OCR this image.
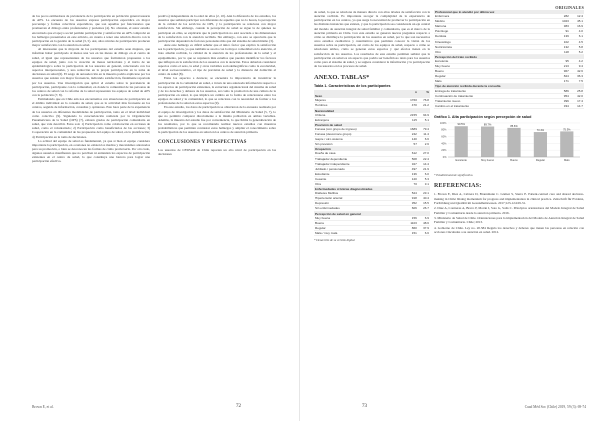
de los pocos estimadores de prevalencia de la participación en población general usuaria de APS. La encuesta de los usuarios expresa participación esporádica en mayor porcentaje y formas colectivas esporádicas, que son aquellas por funcionarios que promueven el diálogo entre profesionales y pacientes (4). No obstante, el autor estudio encontrado que el apoyo social permite participación y satisfacción en APS comprobó en los hallazgos presentados en este artículo, en cuanto a tener una relación directa con la participación en la gestión de la salud (3, 5). Así, altos niveles de participación producen mayor satisfacción con la atención en salud.
Al interesante que la mayoría de los participantes del estudio sean mujeres, que informan haber participado al menos una vez en las mesas de diálogo en el centro de salud, al igual que representantes de los usuarios que formularon propuestas a los equipos de salud, junto con la creación de mesas territoriales y al inicio de un epidemiológico sobre la participación de los usuarios en general, relacionada con los aspectos interpersonales, y una reducción en la propia participación en la toma de decisiones en salud (6). El sesgo de autoselección en la muestra podría explicarse por los usuarios que asisten con mayor frecuencia, indicando satisfacción, finalmente reportada por los usuarios. Una investigación que aplicó el estudio sobre la prevalencia de participación, participante con la comunidad, en donde la comunidad de las personas de los centros de salud con la reforma de la salud representan los equipos de salud de APS con la población (7, 8).
Estimulando que en Chile aún nos encontremos con situaciones de participación en el ámbito individual en la consulta de salud, que es la actividad más frecuente en los centros, seguida de información, consultas y opiniones. Esto hace parte de la experiencia de los usuarios en diferentes modalidades de participación, tanto en el nivel individual como colectivo (9). Siguiendo la caracterización realizada por la Organización Panamericana de la Salud (OPS) (7), existen grados de participación comunitaria en salud, que vale describir. Estos son: 1) Participación como colaboración en acciones de salud, como el voluntariado; 2) Participación como beneficiarios de las acciones; 3) Cooperación en la comunidad de las propuestas del equipo de salud, en la planificación; 4) Participación en la toma de decisiones.
La actitud del equipo de salud es fundamental, ya que si bien el equipo considera importante la participación, en ocasiones no existen los medios y mecanismos adecuados para su promoción, o bien se desconocen las formas de cómo promoverla. Por otro lado, algunos usuarios manifiestan que no perciben ni entienden los espacios de participación existentes en el centro de salud, lo que constituye una barrera para lograr una participación efectiva.
positivo) independiente de la edad de ellos (2, 10). Aún la diferencia de los estudios, los usuarios que señalan participar son diferentes de aquellos que no lo hacen, la percepción de la calidad de los servicios de OPS, y la participación se relaciona con mayor satisfacción. Sin embargo, cuando la percepción de salud se sigue la de quienes no participan en ellas, se explicaría que la participación no está asociada a las dimensiones de la satisfacción con la atención recibida. Sin embargo, con esto se apreciaría que la participación dependerá de factores personales más que del sistema de salud mismo (3).
Ante este hallazgo es difícil señalar que el único factor que explica la satisfacción sea la participación, ya que también se asocia con la mayor comodidad en la atención, el trato amable recibido, la calidad de la atención de los profesionales de la salud y el equipamiento, por lo que se requieren más estudios que puedan identificar los factores que influyen en la satisfacción de los usuarios con la atención. Estos deberían considerar aspectos como el sexo, la edad y otras variables sociodemográficas como la escolaridad, el nivel socioeconómico, el tipo de previsión de salud y la distancia del domicilio al centro de salud (8).
Entre los aspectos a destacar, se encuentra la importancia de incentivar la participación de la comunidad en salud, a través de una adecuada información respecto a los espacios de participación existentes, la estructura organizacional del sistema de salud y de los derechos y deberes de los usuarios, así como la promoción de una cultura de la participación en salud, lo que implica un cambio en la forma de relacionarse entre los equipos de salud y la comunidad, lo que se relaciona con la necesidad de formar a los profesionales de la salud en estos aspectos (9).
En este estudio, los datos de participación se obtuvieron de la encuesta realizada por el equipo de investigación y los datos de satisfacción del Ministerio de Salud (5, 7), lo que no permitió comparar directamente a la misma población en ambas variables. Además, la muestra del estudio fue por conveniencia, lo que limita la generalización de los resultados, por lo que se recomienda realizar nuevos estudios con muestras probabilísticas que permitan contrastar estos hallazgos y ampliar el conocimiento sobre la participación de los usuarios en salud en los centros de atención primaria.
CONCLUSIONES Y PERSPECTIVAS
Los usuarios de CESFAM de Chile reportan un alto nivel de participación en las decisiones
Brown E, et al.	72
ORIGINALES
de salud, lo que se relaciona de manera directa con altos niveles de satisfacción con la atención recibida. Es importante recoger la complejidad de la experiencia de participación en los centros, ya que surge la necesidad de promover la participación en las distintas instancias que existen, y que la participación sea considerada un eje central del modelo de atención integral de salud familiar y comunitaria, que es el marco de la atención primaria en Chile. Con este estudio se generan nuevas preguntas respecto a cómo se distribuye la participación de los usuarios en salud, por lo que son necesarios otros estudios cualitativos y cuantitativos que permitan conocer la visión de los usuarios sobre su participación, así como de los equipos de salud, respecto a cómo se relacionan ambos, cómo se generan estos espacios y qué efectos tienen en la satisfacción de los usuarios. Los resultados de este estudio permiten señalar que la participación en salud es un aspecto que podría ser beneficioso tanto para los usuarios como para el sistema de salud, y se sugiere considerar la información y la participación de los usuarios en los procesos de salud.
ANEXO. TABLAS*
Tabla 1. Características de los participantes
	n	%
Sexo		
Mujeres	1760	76.8
Hombres	470	21.2
Nacionalidad		
Chilena	2155	94.9
Extranjera	115	5.1
Previsión de salud		
Fonasa (con grupo de ingreso)	1689	79.4
Fonasa (desconoce grupo)	242	11.4
Isapre / otro sistema	140	6.6
Sin previsión	57	2.6
Ocupación		
Dueña de casa	612	27.0
Trabajador dependiente	508	22.4
Trabajador independiente	327	14.4
Jubilado / pensionado	497	21.9
Estudiante	136	6.0
Cesante	120	5.3
Otra	70	3.1
Enfermedades crónicas diagnosticadas		
Diabetes Mellitus	524	23.1
Hipertensión arterial	918	40.4
Depresión	352	15.5
Sin enfermedades	606	26.7
Percepción de salud en general		
Muy buena	156	6.9
Buena	1103	48.6
Regular	860	37.9
Mala / muy mala	151	6.6
* Desarrollo de su versión digital.
Profesional que lo atendió por última vez		
Enfermera	282	12.4
Médico	1023	45.1
Matrona	383	16.9
Psicólogo	91	4.0
Dentista	139	6.1
Kinesiólogo	102	4.5
Nutricionista	132	5.8
Otro	118	5.2
Percepción del trato recibido		
Excelente	95	4.2
Muy bueno	213	9.4
Bueno	967	42.6
Regular	824	36.3
Malo	171	7.5
Tipo de atención recibida durante la consulta		
Entrega de tratamiento	586	25.8
Continuación de tratamiento	954	42.0
Tratamiento nuevo	396	17.4
Cambio en el tratamiento	334	14.7
Gráfico 1. Alta participación según percepción de salud
0%
20%
40%
60%
80%
100%	90.5%
Excelente
89.7%
Muy bueno
85.6%
Bueno
73.4%
Regular
75.3%
Malo
* Estadísticamente significativo.
REFERENCIAS:
1. Brown E, Díez A, Cabrera D, Brannmann C. Gómez S, Sierra E. Patient-centred care and shared decision-making in Chile: Rising momentum for progress and implementation in clinical practice. Zeitschrift für Evidenz, Fortbildung und Qualität im Gesundheitswesen. 2017;123-124:29-31.
2. Díez A, Contreras A, Bravo P, Morán I, Soto G, Solís C. Principios orientadores del Modelo Integral de Salud Familiar y Comunitaria desde la atención primaria. 2016.
3. Ministerio de Salud de Chile. Orientaciones para la implementación del Modelo de Atención Integral de Salud Familiar y Comunitaria. Chile; 2013.
4. Gobierno de Chile. Ley no. 20.584 Regula los derechos y deberes que tienen las personas en relación con acciones vinculadas a su atención en salud. 2012.
73	Cuad Méd Soc (Chile) 2019, 59 (3): 69-74
